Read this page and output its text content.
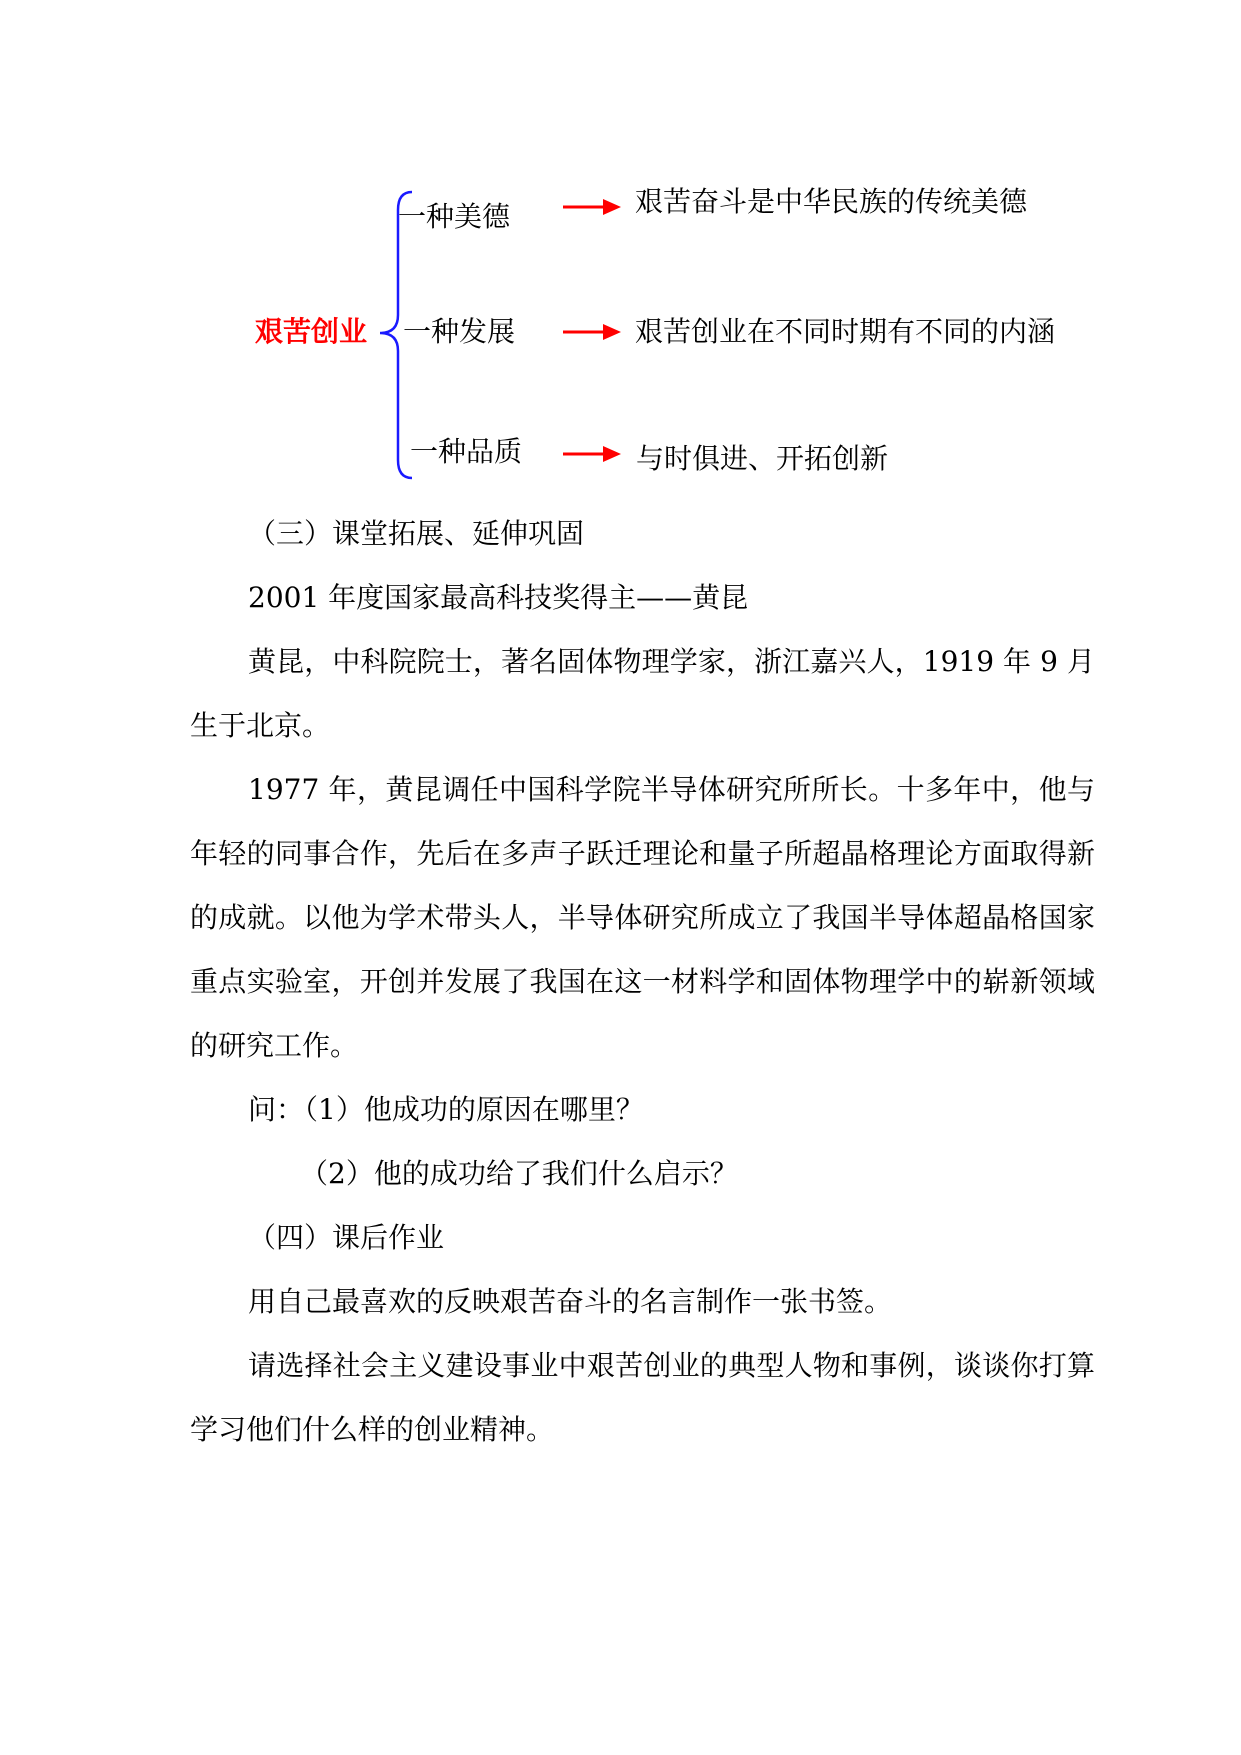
艰苦创业
一种美德	艰苦奋斗是中华民族的传统美德
一种发展	艰苦创业在不同时期有不同的内涵
一种品质	与时俱进、开拓创新

（三）课堂拓展、延伸巩固

2001 年度国家最高科技奖得主——黄昆

黄昆，中科院院士，著名固体物理学家，浙江嘉兴人，1919 年 9 月生于北京。

1977 年，黄昆调任中国科学院半导体研究所所长。十多年中，他与年轻的同事合作，先后在多声子跃迁理论和量子所超晶格理论方面取得新的成就。以他为学术带头人，半导体研究所成立了我国半导体超晶格国家重点实验室，开创并发展了我国在这一材料学和固体物理学中的崭新领域的研究工作。

问：（1）他成功的原因在哪里？

（2）他的成功给了我们什么启示？

（四）课后作业

用自己最喜欢的反映艰苦奋斗的名言制作一张书签。

请选择社会主义建设事业中艰苦创业的典型人物和事例，谈谈你打算学习他们什么样的创业精神。
